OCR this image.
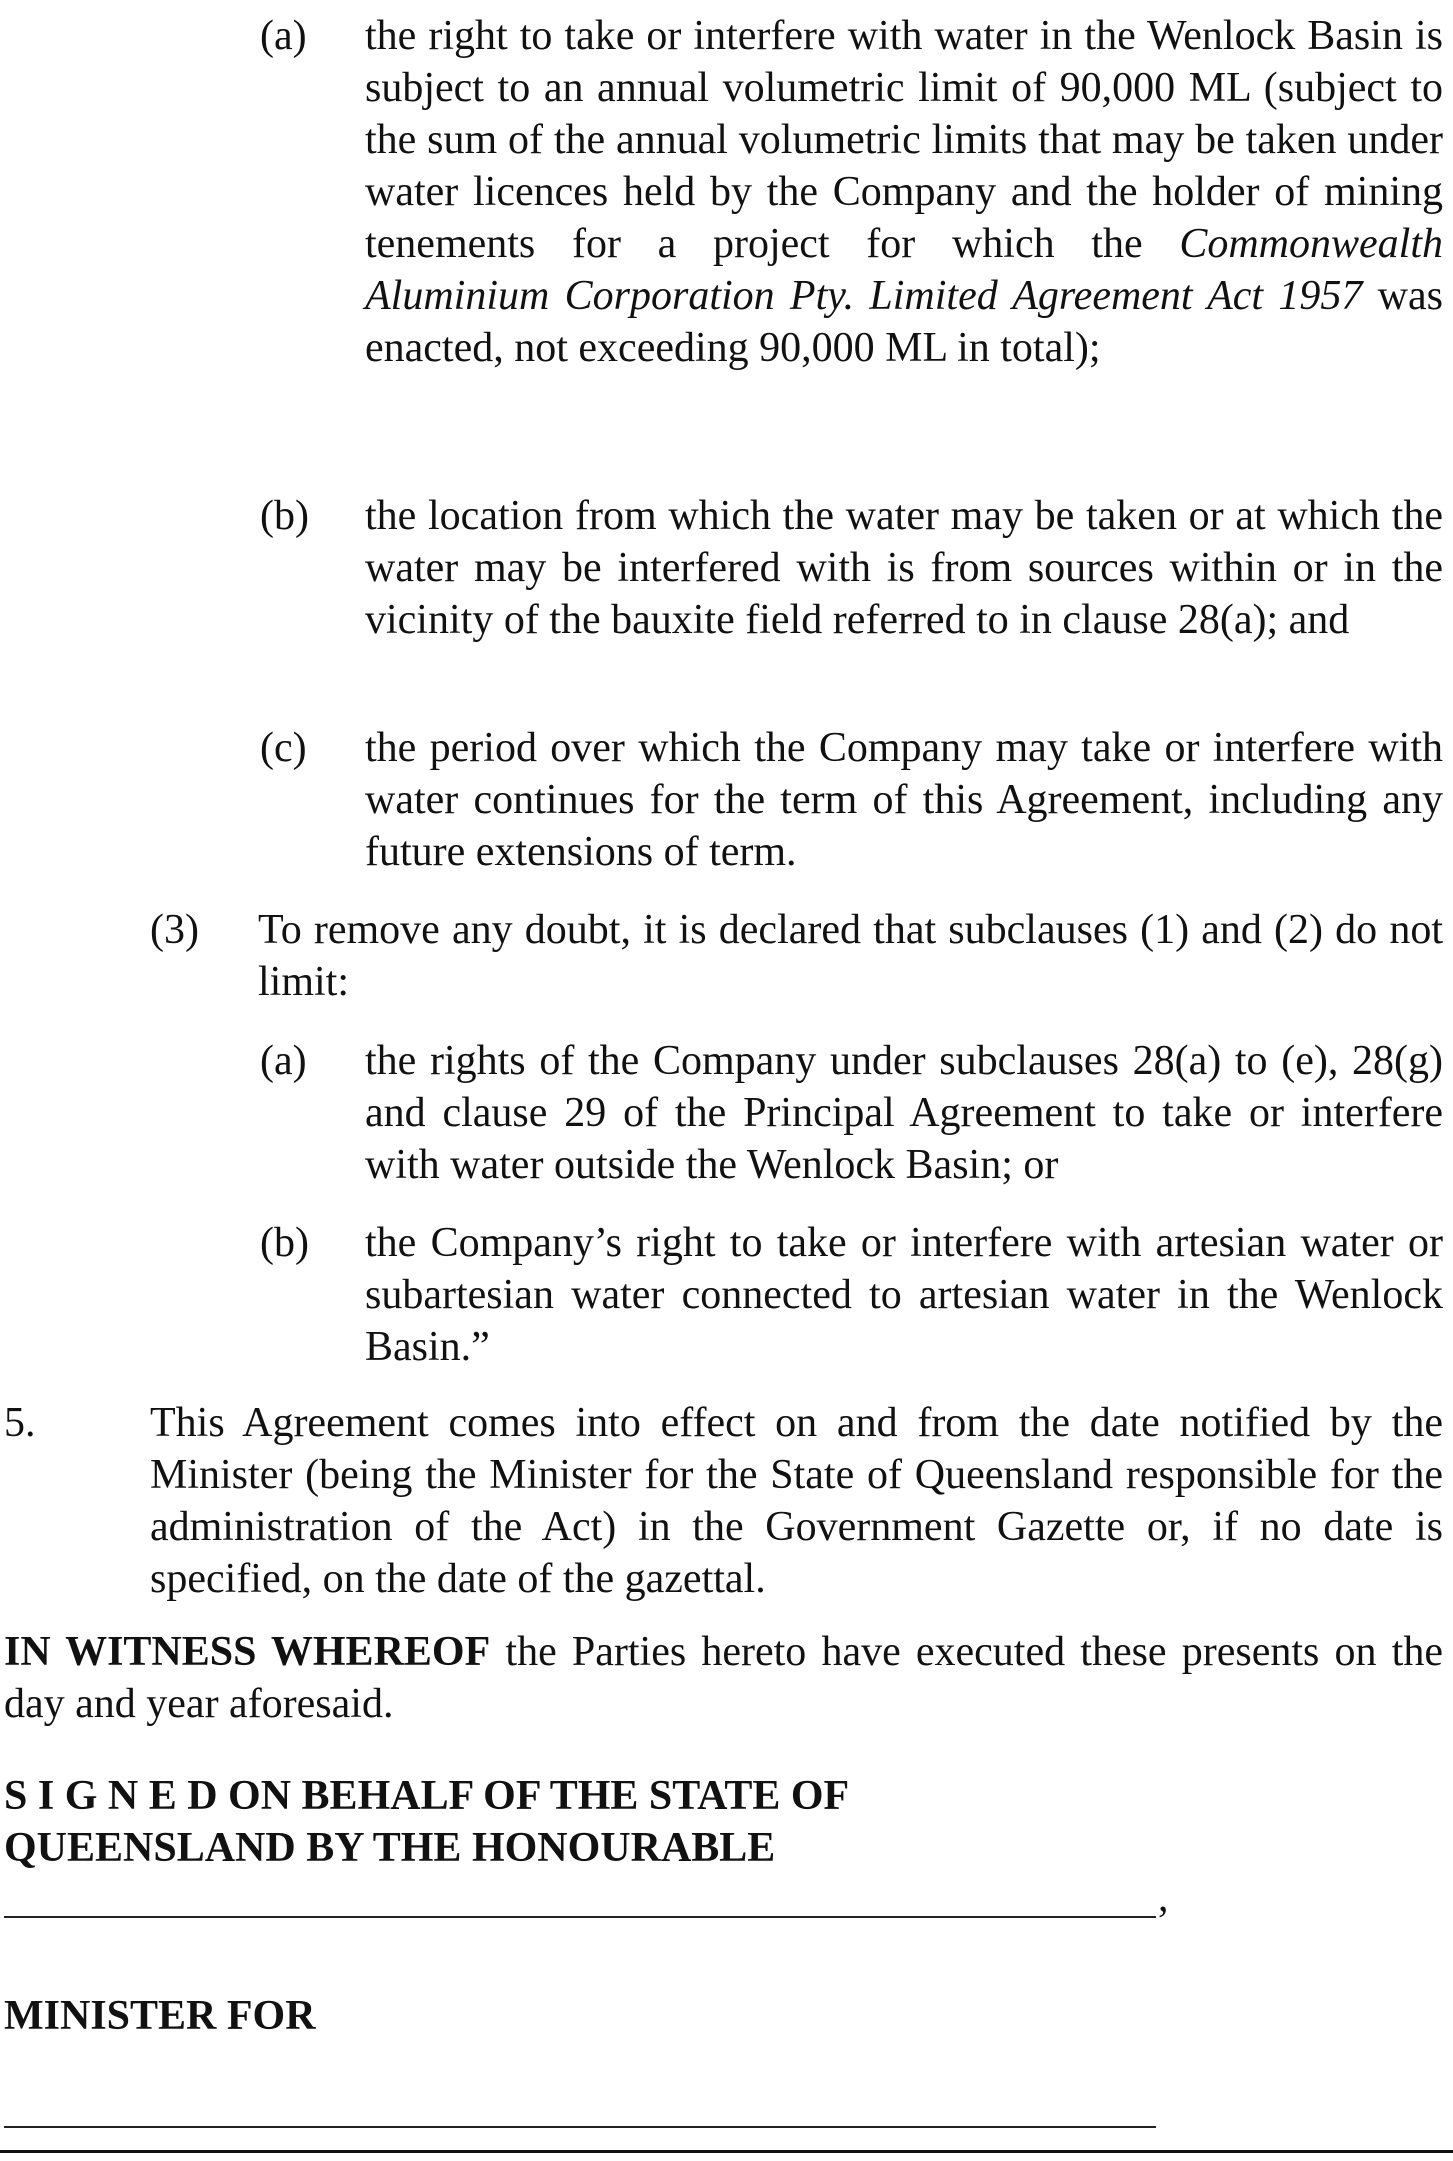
(a) the right to take or interfere with water in the Wenlock Basin is subject to an annual volumetric limit of 90,000 ML (subject to the sum of the annual volumetric limits that may be taken under water licences held by the Company and the holder of mining tenements for a project for which the Commonwealth Aluminium Corporation Pty. Limited Agreement Act 1957 was enacted, not exceeding 90,000 ML in total);

(b) the location from which the water may be taken or at which the water may be interfered with is from sources within or in the vicinity of the bauxite field referred to in clause 28(a); and

(c) the period over which the Company may take or interfere with water continues for the term of this Agreement, including any future extensions of term.

(3) To remove any doubt, it is declared that subclauses (1) and (2) do not limit:

(a) the rights of the Company under subclauses 28(a) to (e), 28(g) and clause 29 of the Principal Agreement to take or interfere with water outside the Wenlock Basin; or

(b) the Company’s right to take or interfere with artesian water or subartesian water connected to artesian water in the Wenlock Basin.”

5.	This Agreement comes into effect on and from the date notified by the Minister (being the Minister for the State of Queensland responsible for the administration of the Act) in the Government Gazette or, if no date is specified, on the date of the gazettal.

IN WITNESS WHEREOF the Parties hereto have executed these presents on the day and year aforesaid.

S I G N E D ON BEHALF OF THE STATE OF
QUEENSLAND BY THE HONOURABLE
,
MINISTER FOR
